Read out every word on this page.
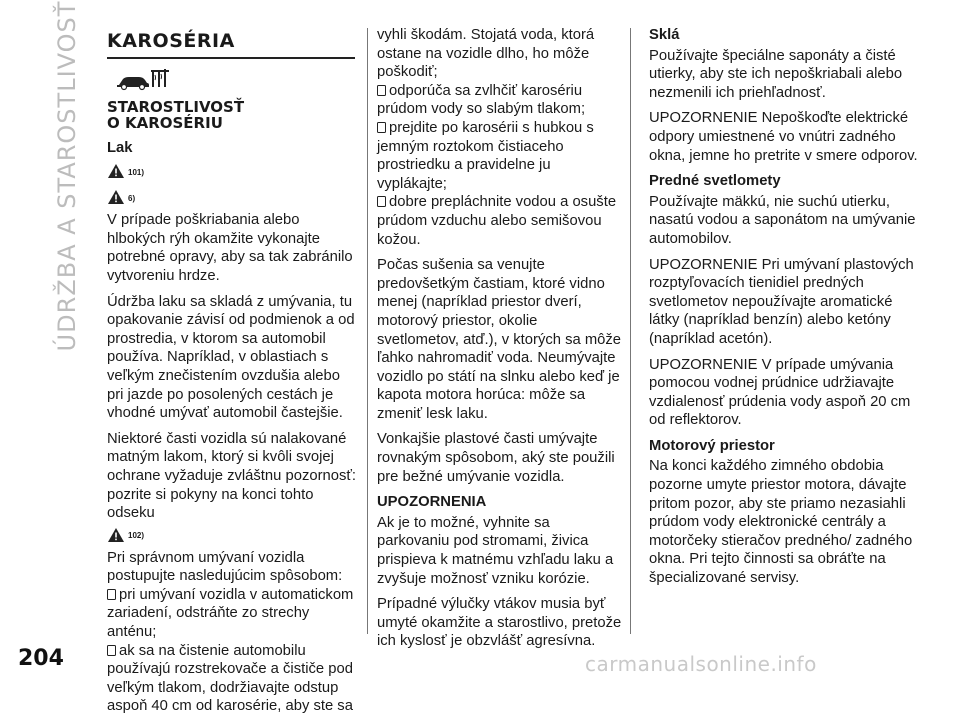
ÚDRŽBA A STAROSTLIVOSŤ KAROSÉRIA
STAROSTLIVOSŤ
O KAROSÉRIU

Lak

101)
6)

V prípade poškriabania alebo hlbokých rýh okamžite vykonajte potrebné opravy, aby sa tak zabránilo vytvoreniu hrdze.

Údržba laku sa skladá z umývania, tu opakovanie závisí od podmienok a od prostredia, v ktorom sa automobil používa. Napríklad, v oblastiach s veľkým znečistením ovzdušia alebo pri jazde po posolených cestách je vhodné umývať automobil častejšie.

Niektoré časti vozidla sú nalakované matným lakom, ktorý si kvôli svojej ochrane vyžaduje zvláštnu pozornosť: pozrite si pokyny na konci tohto odseku

102)

Pri správnom umývaní vozidla postupujte nasledujúcim spôsobom:

pri umývaní vozidla v automatickom zariadení, odstráňte zo strechy anténu;

ak sa na čistenie automobilu používajú rozstrekovače a čističe pod veľkým tlakom, dodržiavajte odstup aspoň 40 cm od karosérie, aby ste sa

vyhli škodám. Stojatá voda, ktorá ostane na vozidle dlho, ho môže poškodiť;

odporúča sa zvlhčiť karosériu prúdom vody so slabým tlakom;

prejdite po karosérii s hubkou s jemným roztokom čistiaceho prostriedku a pravidelne ju vyplákajte;

dobre prepláchnite vodou a osušte prúdom vzduchu alebo semišovou kožou.

Počas sušenia sa venujte predovšetkým častiam, ktoré vidno menej (napríklad priestor dverí, motorový priestor, okolie svetlometov, atď.), v ktorých sa môže ľahko nahromadiť voda. Neumývajte vozidlo po státí na slnku alebo keď je kapota motora horúca: môže sa zmeniť lesk laku.

Vonkajšie plastové časti umývajte rovnakým spôsobom, aký ste použili pre bežné umývanie vozidla.

UPOZORNENIA

Ak je to možné, vyhnite sa parkovaniu pod stromami, živica prispieva k matnému vzhľadu laku a zvyšuje možnosť vzniku korózie.

Prípadné výlučky vtákov musia byť umyté okamžite a starostlivo, pretože ich kyslosť je obzvlášť agresívna.

Sklá

Používajte špeciálne saponáty a čisté utierky, aby ste ich nepoškriabali alebo nezmenili ich priehľadnosť.

UPOZORNENIE Nepoškoďte elektrické odpory umiestnené vo vnútri zadného okna, jemne ho pretrite v smere odporov.

Predné svetlomety

Používajte mäkkú, nie suchú utierku, nasatú vodou a saponátom na umývanie automobilov.

UPOZORNENIE Pri umývaní plastových rozptyľovacích tienidiel predných svetlometov nepoužívajte aromatické látky (napríklad benzín) alebo ketóny (napríklad acetón).

UPOZORNENIE V prípade umývania pomocou vodnej prúdnice udržiavajte vzdialenosť prúdenia vody aspoň 20 cm od reflektorov.

Motorový priestor

Na konci každého zimného obdobia pozorne umyte priestor motora, dávajte pritom pozor, aby ste priamo nezasiahli prúdom vody elektronické centrály a motorčeky stieračov predného/ zadného okna. Pri tejto činnosti sa obráťte na špecializované servisy.

204	carmanualsonline.info
